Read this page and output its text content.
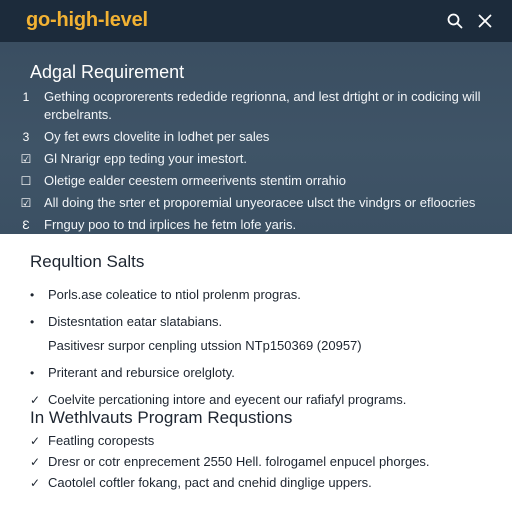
go-high-level
Adgal Requirement
1	Gething ocoprorerents rededide regrionna, and lest drtight or in codicing will ercbelrants.
3	Oy fet ewrs clovelite in lodhet per sales
☑ Gl Nrarigr epp teding your imestort.
☐ Oletige ealder ceestem ormeerivents stentim orrahio
☑ All doing the srter et proporemial unyeoracee ulsct the vindgrs or efloocries
Ɛ	Frnguy poo to tnd irplices he fetm lofe yaris.
Requltion Salts
•	Porls.ase coleatice to ntiol prolenm progras.
•	Distesntation eatar slatabians.
Pasitivesr surpor cenpling utssion NTp150369 (20957)
•	Priterant and rebursice orelgloty.
✓ Coelvite percationing intore and eyecent our rafiafyl programs.
In Wethlvauts Program Requstions
✓ Featling coropests
✓ Dresr or cotr enprecement 2550 Hell. folrogamel enpucel phorges.
✓ Caotolel coftler fokang, pact and cnehid dinglige uppers.
